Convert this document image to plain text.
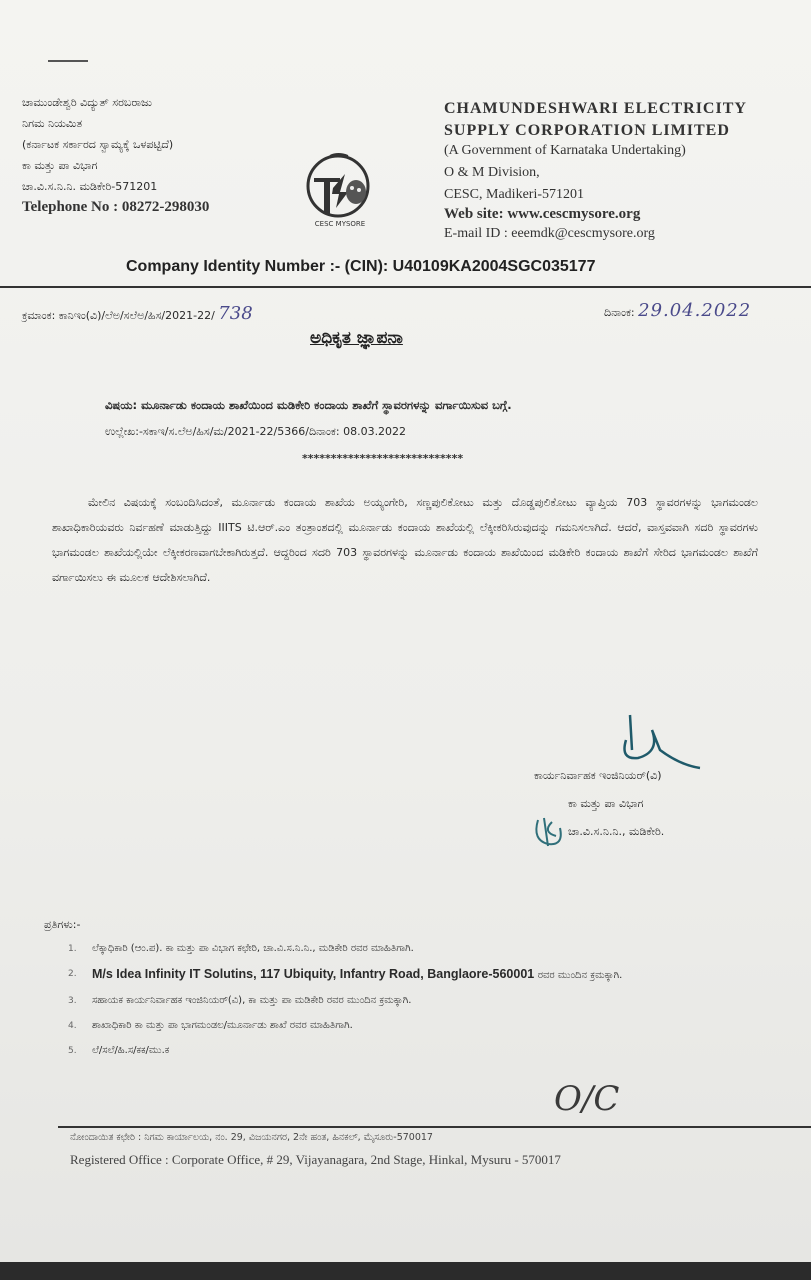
ಚಾಮುಂಡೇಶ್ವರಿ ವಿದ್ಯುತ್ ಸರಬರಾಜು
ನಿಗಮ ನಿಯಮಿತ
(ಕರ್ನಾಟಕ ಸರ್ಕಾರದ ಸ್ವಾಮ್ಯಕ್ಕೆ ಒಳಪಟ್ಟಿದೆ)
ಕಾ ಮತ್ತು ಪಾ ವಿಭಾಗ
ಚಾ.ವಿ.ಸ.ನಿ.ನಿ. ಮಡಿಕೇರಿ-571201
Telephone No : 08272-298030
CESC MYSORE
CHAMUNDESHWARI ELECTRICITY
SUPPLY CORPORATION LIMITED
(A Government of Karnataka Undertaking)
O & M Division,
CESC, Madikeri-571201
Web site: www.cescmysore.org
E-mail ID : eeemdk@cescmysore.org
Company Identity Number :- (CIN): U40109KA2004SGC035177
ಕ್ರಮಾಂಕ: ಕಾನಿಇಂ(ವಿ)/ಲೆಅ/ಸಲೆಅ/ಹಿಸ/2021-22/ 738	ದಿನಾಂಕ: 29.04.2022
ಅಧಿಕೃತ ಜ್ಞಾಪನಾ
ವಿಷಯ: ಮೂರ್ನಾಡು ಕಂದಾಯ ಶಾಖೆಯಿಂದ ಮಡಿಕೇರಿ ಕಂದಾಯ ಶಾಖೆಗೆ ಸ್ಥಾವರಗಳನ್ನು ವರ್ಗಾಯಿಸುವ ಬಗ್ಗೆ.
ಉಲ್ಲೇಖ:-ಸಕಾಇ/ಸ.ಲೆಅ/ಹಿಸ/ಮ/2021-22/5366/ದಿನಾಂಕ: 08.03.2022
****************************
ಮೇಲಿನ ವಿಷಯಕ್ಕೆ ಸಂಬಂದಿಸಿದಂತೆ, ಮೂರ್ನಾಡು ಕಂದಾಯ ಶಾಖೆಯ ಅಯ್ಯಂಗೇರಿ, ಸಣ್ಣಪುಲಿಕೋಟು ಮತ್ತು ದೊಡ್ಡಪುಲಿಕೋಟು ವ್ಯಾಪ್ತಿಯ 703 ಸ್ಥಾವರಗಳನ್ನು ಭಾಗಮಂಡಲ ಶಾಖಾಧಿಕಾರಿಯವರು ನಿರ್ವಹಣೆ ಮಾಡುತ್ತಿದ್ದು IIITS ಟಿ.ಆರ್.ಎಂ ತಂತ್ರಾಂಶದಲ್ಲಿ ಮೂರ್ನಾಡು ಕಂದಾಯ ಶಾಖೆಯಲ್ಲಿ ಲೆಕ್ಕೀಕರಿಸಿರುವುದನ್ನು ಗಮನಿಸಲಾಗಿದೆ. ಆದರೆ, ವಾಸ್ತವವಾಗಿ ಸದರಿ ಸ್ಥಾವರಗಳು ಭಾಗಮಂಡಲ ಶಾಖೆಯಲ್ಲಿಯೇ ಲೆಕ್ಕೀಕರಣವಾಗಬೇಕಾಗಿರುತ್ತದೆ. ಆದ್ದರಿಂದ ಸದರಿ 703 ಸ್ಥಾವರಗಳನ್ನು ಮೂರ್ನಾಡು ಕಂದಾಯ ಶಾಖೆಯಿಂದ ಮಡಿಕೇರಿ ಕಂದಾಯ ಶಾಖೆಗೆ ಸೇರಿದ ಭಾಗಮಂಡಲ ಶಾಖೆಗೆ ವರ್ಗಾಯಿಸಲು ಈ ಮೂಲಕ ಆದೇಶಿಸಲಾಗಿದೆ.
ಕಾರ್ಯನಿರ್ವಾಹಕ ಇಂಜಿನಿಯರ್(ವಿ)
ಕಾ ಮತ್ತು ಪಾ ವಿಭಾಗ
ಚಾ.ವಿ.ಸ.ನಿ.ನಿ., ಮಡಿಕೇರಿ.
ಪ್ರತಿಗಳು:-
1.	ಲೆಕ್ಕಾಧಿಕಾರಿ (ಆಂ.ಪ). ಕಾ ಮತ್ತು ಪಾ ವಿಭಾಗ ಕಛೇರಿ, ಚಾ.ವಿ.ಸ.ನಿ.ನಿ., ಮಡಿಕೇರಿ ರವರ ಮಾಹಿತಿಗಾಗಿ.
2.	M/s Idea Infinity IT Solutins, 117 Ubiquity, Infantry Road, Banglaore-560001 ರವರ ಮುಂದಿನ ಕ್ರಮಕ್ಕಾಗಿ.
3.	ಸಹಾಯಕ ಕಾರ್ಯನಿರ್ವಾಹಕ ಇಂಜಿನಿಯರ್(ವಿ), ಕಾ ಮತ್ತು ಪಾ ಮಡಿಕೇರಿ ರವರ ಮುಂದಿನ ಕ್ರಮಕ್ಕಾಗಿ.
4.	ಶಾಖಾಧಿಕಾರಿ ಕಾ ಮತ್ತು ಪಾ ಭಾಗಮಂಡಲ/ಮೂರ್ನಾಡು ಶಾಖೆ ರವರ ಮಾಹಿತಿಗಾಗಿ.
5.	ಲೆ/ಸಲೆ/ಹಿ.ಸ/ಕಕ/ಮು.ಕ
O/C
ನೋಂದಾಯಿತ ಕಛೇರಿ : ನಿಗಮ ಕಾರ್ಯಾಲಯ, ನಂ. 29, ವಿಜಯನಗರ, 2ನೇ ಹಂತ, ಹಿನಕಲ್, ಮೈಸೂರು-570017
Registered Office : Corporate Office, # 29, Vijayanagara, 2nd Stage, Hinkal, Mysuru - 570017
